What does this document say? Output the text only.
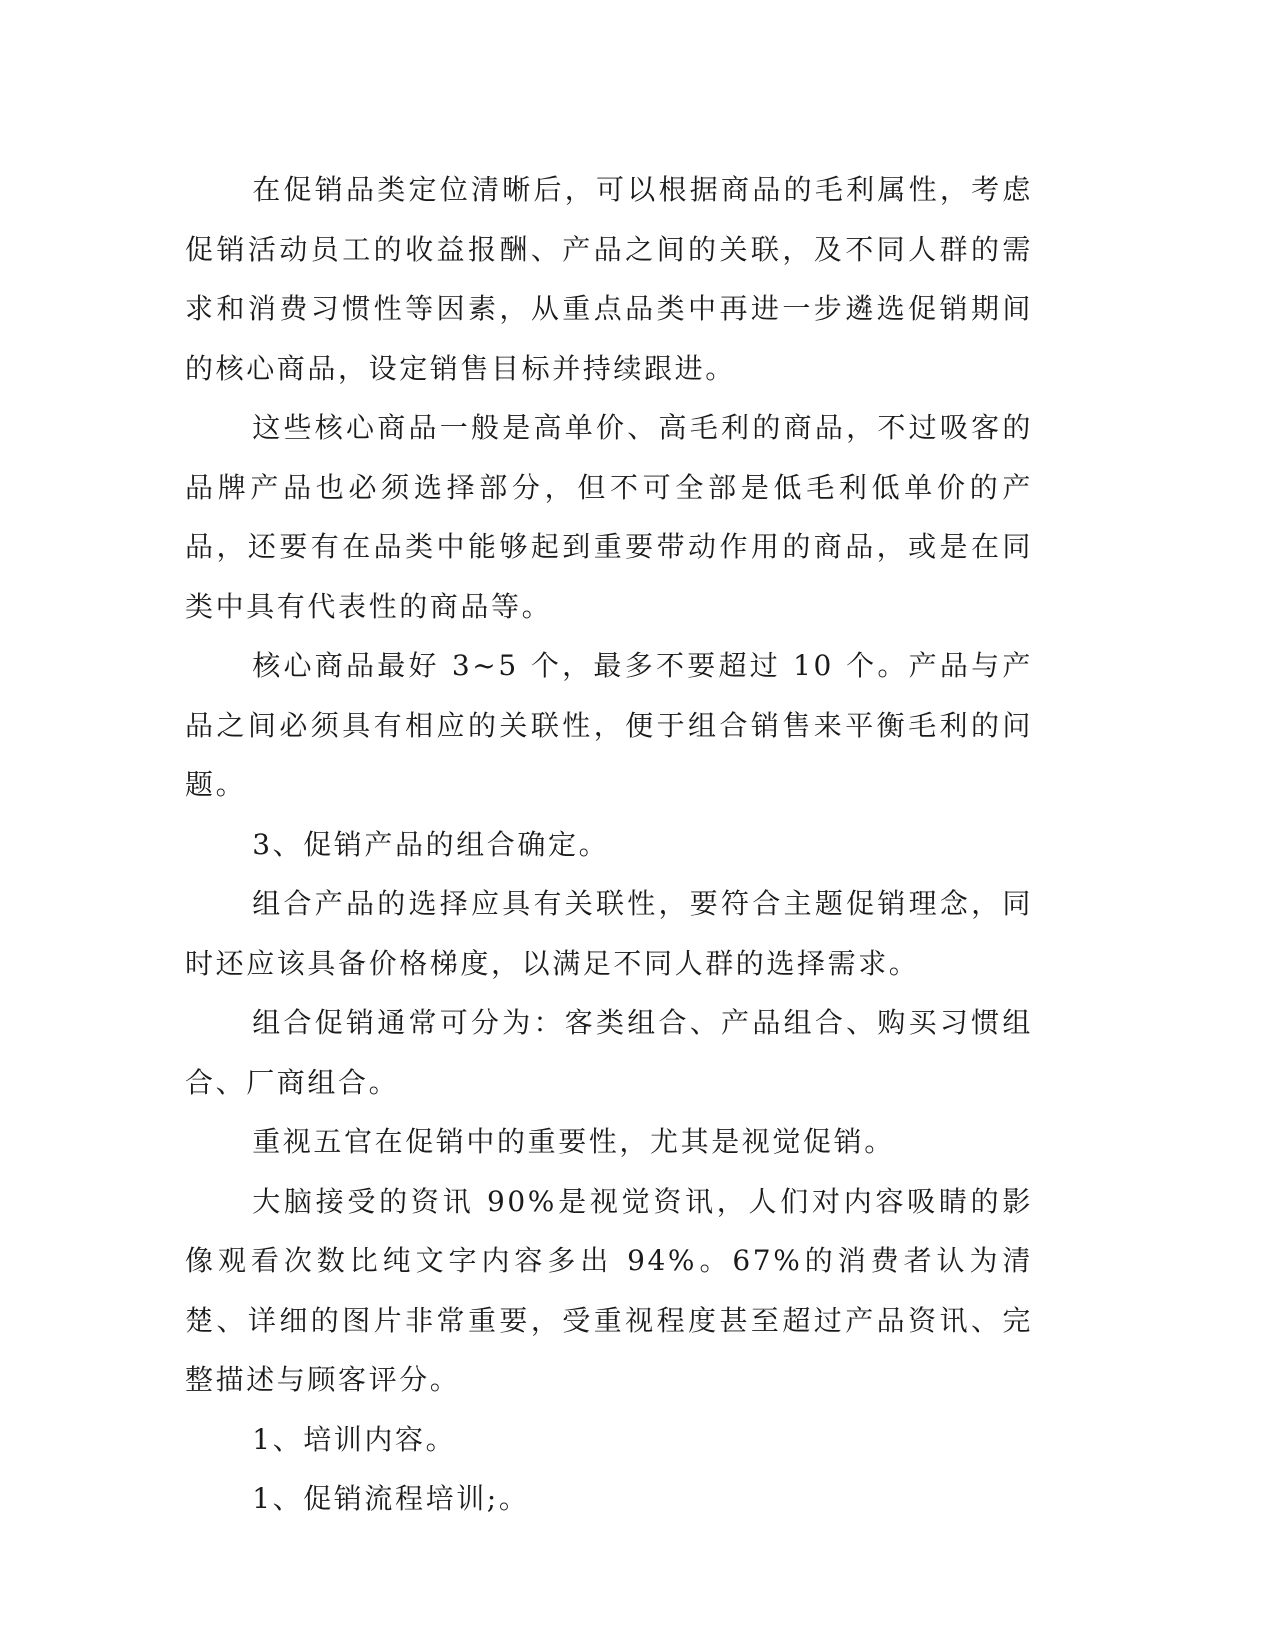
在促销品类定位清晰后，可以根据商品的毛利属性，考虑促销活动员工的收益报酬、产品之间的关联，及不同人群的需求和消费习惯性等因素，从重点品类中再进一步遴选促销期间的核心商品，设定销售目标并持续跟进。

这些核心商品一般是高单价、高毛利的商品，不过吸客的品牌产品也必须选择部分，但不可全部是低毛利低单价的产品，还要有在品类中能够起到重要带动作用的商品，或是在同类中具有代表性的商品等。

核心商品最好 3~5 个，最多不要超过 10 个。产品与产品之间必须具有相应的关联性，便于组合销售来平衡毛利的问题。

3、促销产品的组合确定。

组合产品的选择应具有关联性，要符合主题促销理念，同时还应该具备价格梯度，以满足不同人群的选择需求。

组合促销通常可分为：客类组合、产品组合、购买习惯组合、厂商组合。

重视五官在促销中的重要性，尤其是视觉促销。

大脑接受的资讯 90%是视觉资讯，人们对内容吸睛的影像观看次数比纯文字内容多出 94%。67%的消费者认为清楚、详细的图片非常重要，受重视程度甚至超过产品资讯、完整描述与顾客评分。

1、培训内容。

1、促销流程培训;。
